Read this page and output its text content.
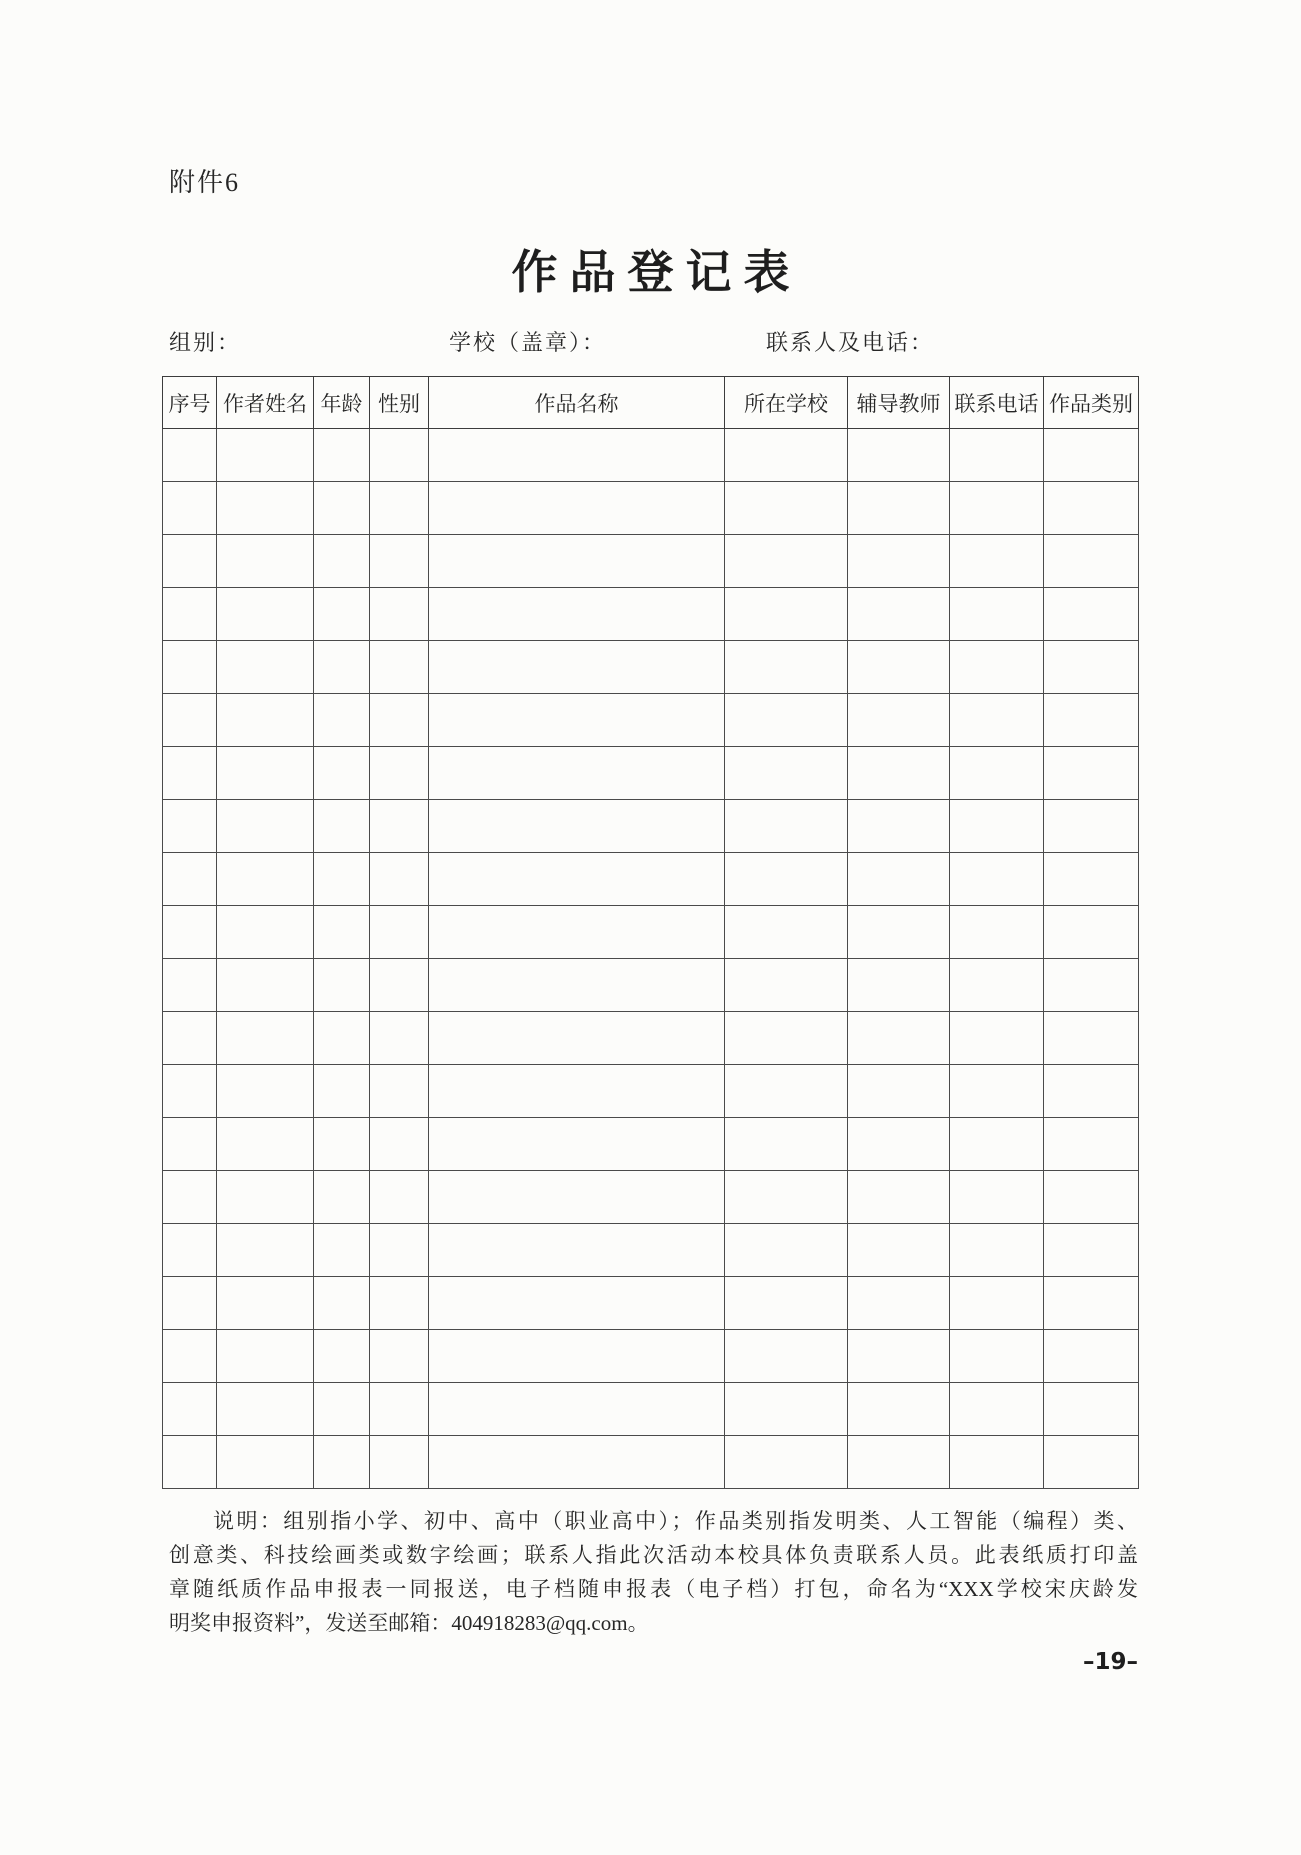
附件6
作品登记表
组别：	学校（盖章）：	联系人及电话：
序号	作者姓名	年龄	性别	作品名称	所在学校	辅导教师	联系电话	作品类别

说明：组别指小学、初中、高中（职业高中）；作品类别指发明类、人工智能（编程）类、
创意类、科技绘画类或数字绘画；联系人指此次活动本校具体负责联系人员。此表纸质打印盖
章随纸质作品申报表一同报送，电子档随申报表（电子档）打包，命名为“XXX学校宋庆龄发
明奖申报资料”，发送至邮箱：404918283@qq.com。
–19–
